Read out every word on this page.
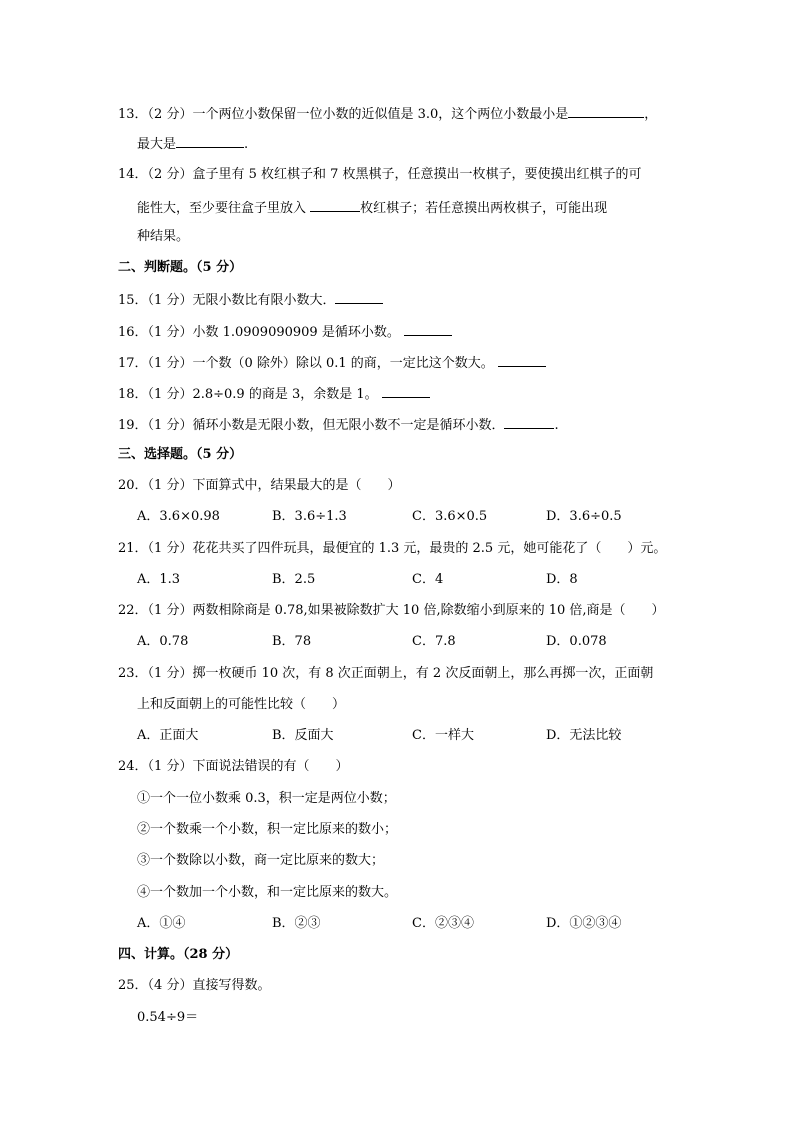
13．（2 分）一个两位小数保留一位小数的近似值是 3.0，这个两位小数最小是	，
最大是	.
14．（2 分）盒子里有 5 枚红棋子和 7 枚黑棋子，任意摸出一枚棋子，要使摸出红棋子的可
能性大，至少要往盒子里放入	枚红棋子；若任意摸出两枚棋子，可能出现
种结果。
二、判断题。（5 分）
15．（1 分）无限小数比有限小数大．
16．（1 分）小数 1.0909090909 是循环小数。
17．（1 分）一个数（0 除外）除以 0.1 的商，一定比这个数大。
18．（1 分）2.8÷0.9 的商是 3，余数是 1。
19．（1 分）循环小数是无限小数，但无限小数不一定是循环小数．	.
三、选择题。（5 分）
20．（1 分）下面算式中，结果最大的是（　　）
A．3.6×0.98	B．3.6÷1.3	C．3.6×0.5	D．3.6÷0.5
21．（1 分）花花共买了四件玩具，最便宜的 1.3 元，最贵的 2.5 元，她可能花了（　　）元。
A．1.3	B．2.5	C．4	D．8
22．（1 分）两数相除商是 0.78,如果被除数扩大 10 倍,除数缩小到原来的 10 倍,商是（　　）
A．0.78	B．78	C．7.8	D．0.078
23．（1 分）掷一枚硬币 10 次，有 8 次正面朝上，有 2 次反面朝上，那么再掷一次，正面朝
上和反面朝上的可能性比较（　　）
A．正面大	B．反面大	C．一样大	D．无法比较
24．（1 分）下面说法错误的有（　　）
①一个一位小数乘 0.3，积一定是两位小数；
②一个数乘一个小数，积一定比原来的数小；
③一个数除以小数，商一定比原来的数大；
④一个数加一个小数，和一定比原来的数大。
A．①④	B．②③	C．②③④	D．①②③④
四、计算。（28 分）
25．（4 分）直接写得数。
0.54÷9＝
